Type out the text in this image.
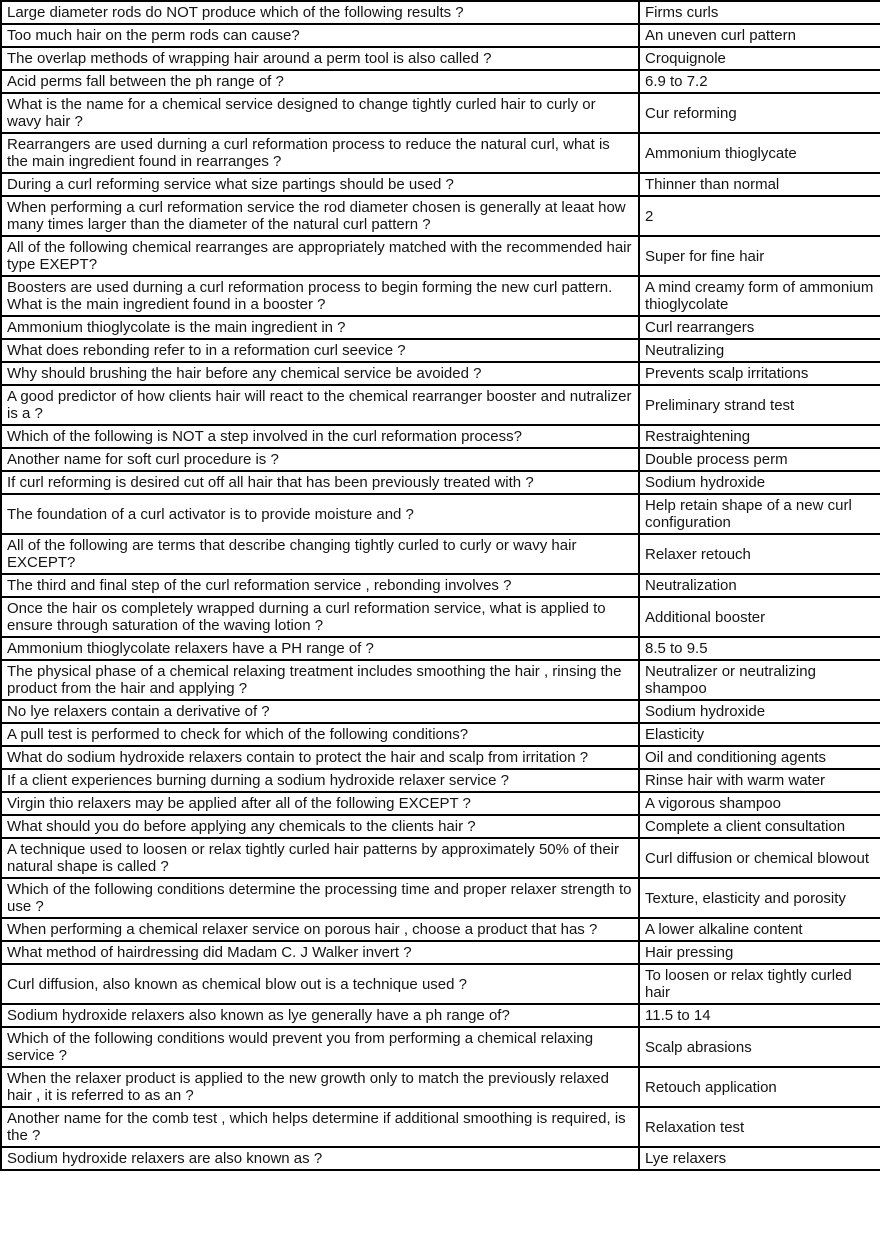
Large diameter rods do NOT produce which of the following results ?	Firms curls
Too much hair on the perm rods can cause?	An uneven curl pattern
The overlap methods of wrapping hair around a perm tool is also called ?	Croquignole
Acid perms fall between the ph range of ?	6.9 to 7.2
What is the name for a chemical service designed to change tightly curled hair to curly or wavy hair ?	Cur reforming
Rearrangers are used durning a curl reformation process to reduce the natural curl, what is the main ingredient found in rearranges ?	Ammonium thioglycate
During a curl reforming service what size partings should be used ?	Thinner than normal
When performing a curl reformation service the rod diameter chosen is generally at leaat how many times larger than the diameter of the natural curl pattern ?	2
All of the following chemical rearranges are appropriately matched with the recommended hair type EXEPT?	Super for fine hair
Boosters are used durning a curl reformation process to begin forming the new curl pattern. What is the main ingredient found in a booster ?	A mind creamy form of ammonium thioglycolate
Ammonium thioglycolate is the main ingredient in ?	Curl rearrangers
What does rebonding refer to in a reformation curl seevice ?	Neutralizing
Why should brushing the hair before any chemical service be avoided ?	Prevents scalp irritations
A good predictor of how clients hair will react to the chemical rearranger booster and nutralizer is a ?	Preliminary strand test
Which of the following is NOT a step involved in the curl reformation process?	Restraightening
Another name for soft curl procedure is ?	Double process perm
If curl reforming is desired cut off all hair that has been previously treated with ?	Sodium hydroxide
The foundation of a curl activator is to provide moisture and ?	Help retain shape of a new curl configuration
All of the following are terms that describe changing tightly curled to curly or wavy hair EXCEPT?	Relaxer retouch
The third and final step of the curl reformation service , rebonding involves ?	Neutralization
Once the hair os completely wrapped durning a curl reformation service, what is applied to ensure through saturation of the waving lotion ?	Additional booster
Ammonium thioglycolate relaxers have a PH range of ?	8.5 to 9.5
The physical phase of a chemical relaxing treatment includes smoothing the hair , rinsing the product from the hair and applying ?	Neutralizer or neutralizing shampoo
No lye relaxers contain a derivative of ?	Sodium hydroxide
A pull test is performed to check for which of the following conditions?	Elasticity
What do sodium hydroxide relaxers contain to protect the hair and scalp from irritation ?	Oil and conditioning agents
If a client experiences burning durning a sodium hydroxide relaxer service ?	Rinse hair with warm water
Virgin thio relaxers may be applied after all of the following EXCEPT ?	A vigorous shampoo
What should you do before applying any chemicals to the clients hair ?	Complete a client consultation
A technique used to loosen or relax tightly curled hair patterns by approximately 50% of their natural shape is called ?	Curl diffusion or chemical blowout
Which of the following conditions determine the processing time and proper relaxer strength to use ?	Texture, elasticity and porosity
When performing a chemical relaxer service on porous hair , choose a product that has ?	A lower alkaline content
What method of hairdressing did Madam C. J Walker invert ?	Hair pressing
Curl diffusion, also known as chemical blow out is a technique used ?	To loosen or relax tightly curled hair
Sodium hydroxide relaxers also known as lye generally have a ph range of?	11.5 to 14
Which of the following conditions would prevent you from performing a chemical relaxing service ?	Scalp abrasions
When the relaxer product is applied to the new growth only to match the previously relaxed hair , it is referred to as an ?	Retouch application
Another name for the comb test , which helps determine if additional smoothing is required, is the ?	Relaxation test
Sodium hydroxide relaxers are also known as ?	Lye relaxers
